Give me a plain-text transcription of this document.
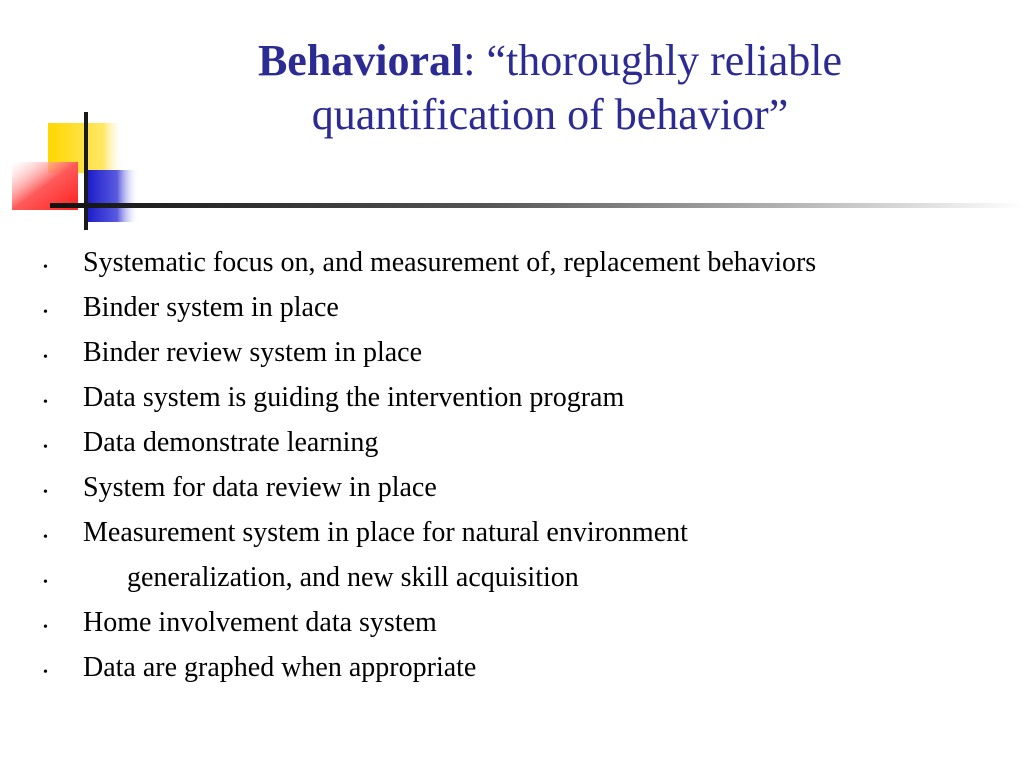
Behavioral: “thoroughly reliable quantification of behavior”
•	Systematic focus on, and measurement of, replacement behaviors
•	Binder system in place
•	Binder review system in place
•	Data system is guiding the intervention program
•	Data demonstrate learning
•	System for data review in place
•	Measurement system in place for natural environment
•	generalization, and new skill acquisition
•	Home involvement data system
•	Data are graphed when appropriate
